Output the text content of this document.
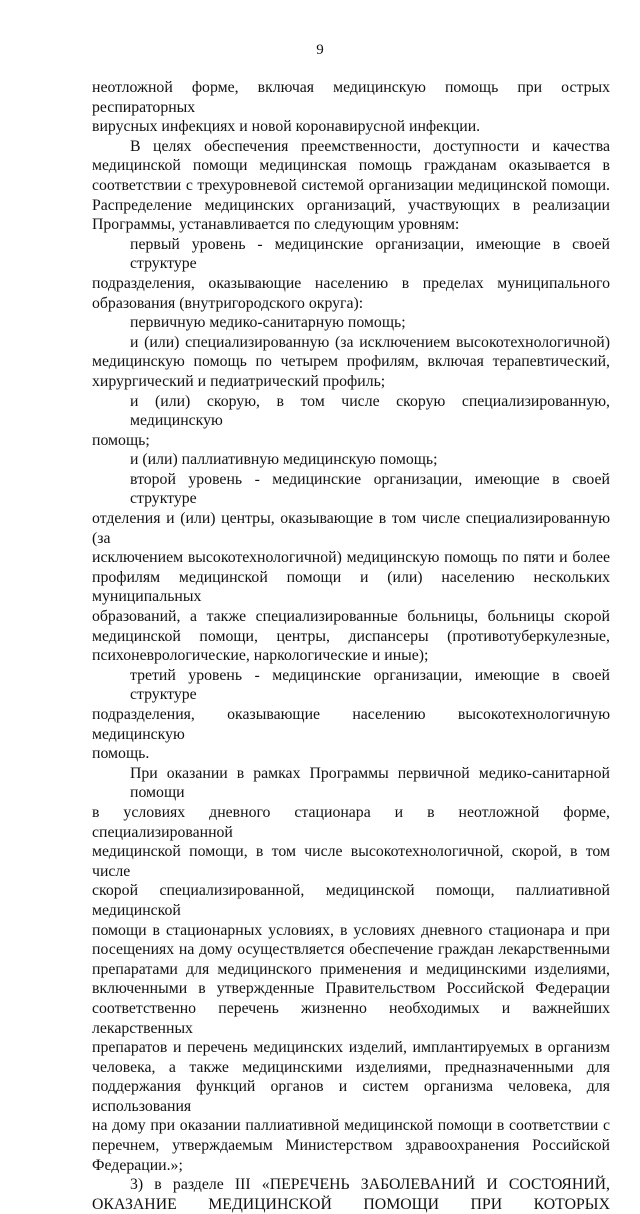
9
неотложной форме, включая медицинскую помощь при острых респираторных
вирусных инфекциях и новой коронавирусной инфекции.
В целях обеспечения преемственности, доступности и качества
медицинской помощи медицинская помощь гражданам оказывается в
соответствии с трехуровневой системой организации медицинской помощи.
Распределение медицинских организаций, участвующих в реализации
Программы, устанавливается по следующим уровням:
первый уровень - медицинские организации, имеющие в своей структуре
подразделения, оказывающие населению в пределах муниципального
образования (внутригородского округа):
первичную медико-санитарную помощь;
и (или) специализированную (за исключением высокотехнологичной)
медицинскую помощь по четырем профилям, включая терапевтический,
хирургический и педиатрический профиль;
и (или) скорую, в том числе скорую специализированную, медицинскую
помощь;
и (или) паллиативную медицинскую помощь;
второй уровень - медицинские организации, имеющие в своей структуре
отделения и (или) центры, оказывающие в том числе специализированную (за
исключением высокотехнологичной) медицинскую помощь по пяти и более
профилям медицинской помощи и (или) населению нескольких муниципальных
образований, а также специализированные больницы, больницы скорой
медицинской помощи, центры, диспансеры (противотуберкулезные,
психоневрологические, наркологические и иные);
третий уровень - медицинские организации, имеющие в своей структуре
подразделения, оказывающие населению высокотехнологичную медицинскую
помощь.
При оказании в рамках Программы первичной медико-санитарной помощи
в условиях дневного стационара и в неотложной форме, специализированной
медицинской помощи, в том числе высокотехнологичной, скорой, в том числе
скорой специализированной, медицинской помощи, паллиативной медицинской
помощи в стационарных условиях, в условиях дневного стационара и при
посещениях на дому осуществляется обеспечение граждан лекарственными
препаратами для медицинского применения и медицинскими изделиями,
включенными в утвержденные Правительством Российской Федерации
соответственно перечень жизненно необходимых и важнейших лекарственных
препаратов и перечень медицинских изделий, имплантируемых в организм
человека, а также медицинскими изделиями, предназначенными для
поддержания функций органов и систем организма человека, для использования
на дому при оказании паллиативной медицинской помощи в соответствии с
перечнем, утверждаемым Министерством здравоохранения Российской
Федерации.»;
3) в разделе III «ПЕРЕЧЕНЬ ЗАБОЛЕВАНИЙ И СОСТОЯНИЙ,
ОКАЗАНИЕ МЕДИЦИНСКОЙ ПОМОЩИ ПРИ КОТОРЫХ
